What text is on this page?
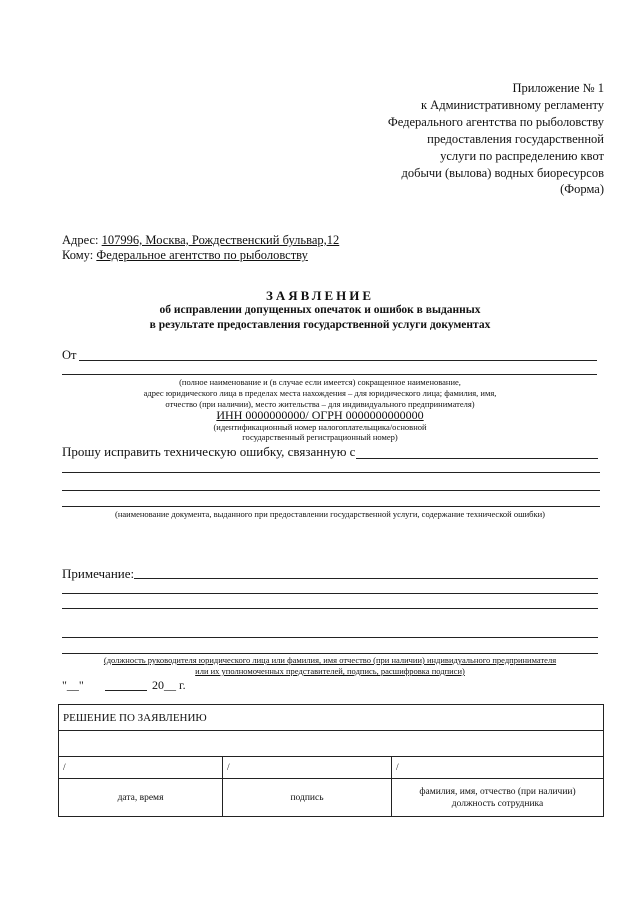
Приложение № 1
к Административному регламенту
Федерального агентства по рыболовству
предоставления государственной
услуги по распределению квот
добычи (вылова) водных биоресурсов
(Форма)
Адрес: 107996, Москва, Рождественский бульвар,12
Кому: Федеральное агентство по рыболовству
ЗАЯВЛЕНИЕ
об исправлении допущенных опечаток и ошибок в выданных
в результате предоставления государственной услуги документах
От
(полное наименование и (в случае если имеется) сокращенное наименование,
адрес юридического лица в пределах места нахождения – для юридического лица; фамилия, имя,
отчество (при наличии), место жительства – для индивидуального предпринимателя)
ИНН 0000000000/ ОГРН 0000000000000
(идентификационный номер налогоплательщика/основной
государственный регистрационный номер)
Прошу исправить техническую ошибку, связанную с
(наименование документа, выданного при предоставлении государственной услуги, содержание технической ошибки)
Примечание:
(должность руководителя юридического лица или фамилия, имя отчество (при наличии) индивидуального предпринимателя
или их уполномоченных представителей, подпись, расшифровка подписи)
"__"	20__ г.
РЕШЕНИЕ ПО ЗАЯВЛЕНИЮ		

/	/	/
дата, время	подпись	фамилия, имя, отчество (при наличии)
должность сотрудника
